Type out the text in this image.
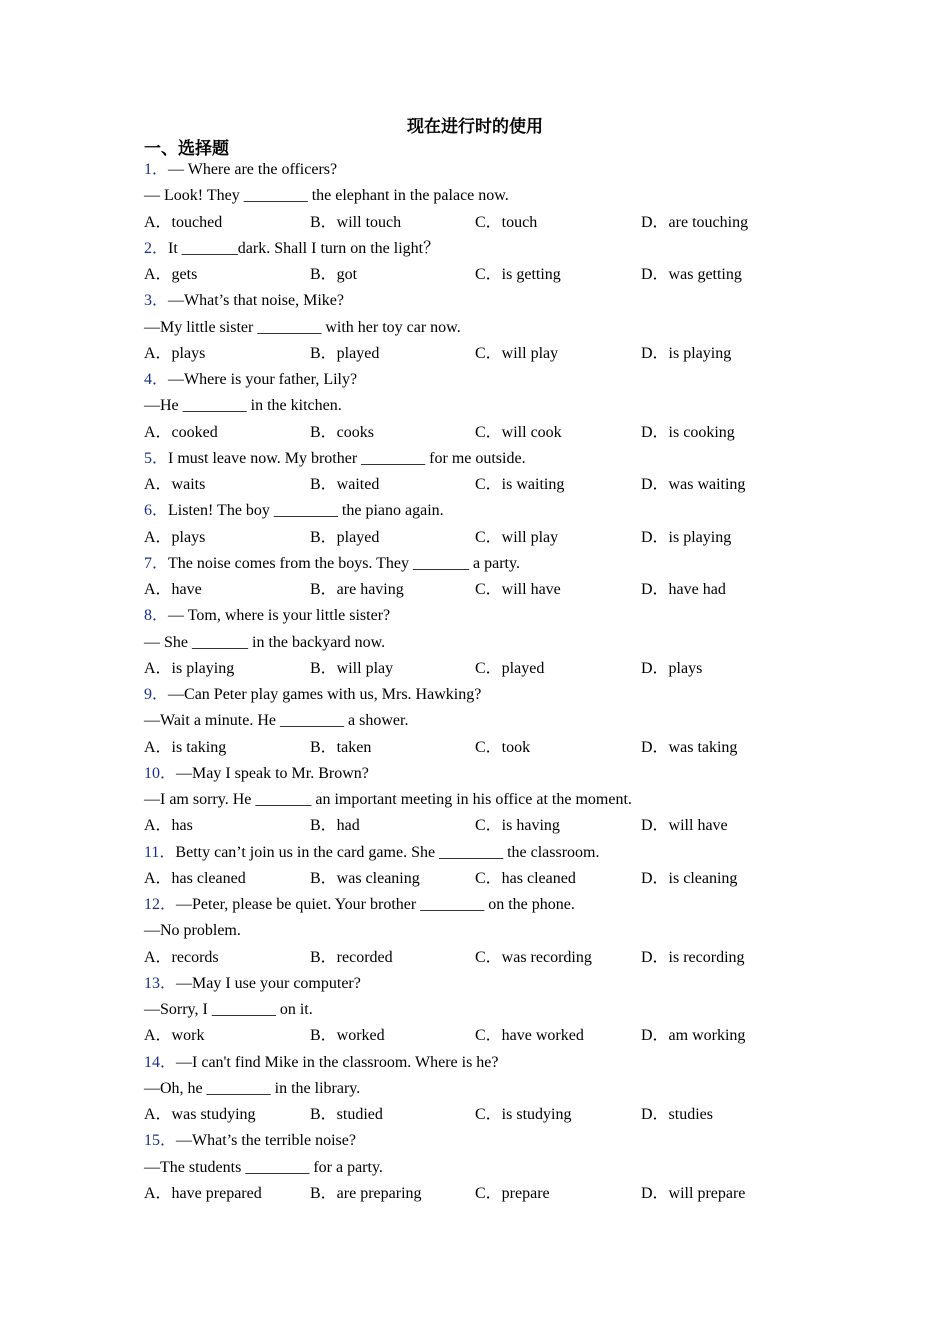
现在进行时的使用
一、选择题
1．— Where are the officers?
— Look! They ________ the elephant in the palace now.
A．touched	B．will touch	C．touch	D．are touching
2．It _______dark. Shall I turn on the light？
A．gets	B．got	C．is getting	D．was getting
3．—What’s that noise, Mike?
—My little sister ________ with her toy car now.
A．plays	B．played	C．will play	D．is playing
4．—Where is your father, Lily?
—He ________ in the kitchen.
A．cooked	B．cooks	C．will cook	D．is cooking
5．I must leave now. My brother ________ for me outside.
A．waits	B．waited	C．is waiting	D．was waiting
6．Listen! The boy ________ the piano again.
A．plays	B．played	C．will play	D．is playing
7．The noise comes from the boys. They _______ a party.
A．have	B．are having	C．will have	D．have had
8．— Tom, where is your little sister?
— She _______ in the backyard now.
A．is playing	B．will play	C．played	D．plays
9．—Can Peter play games with us, Mrs. Hawking?
—Wait a minute. He ________ a shower.
A．is taking	B．taken	C．took	D．was taking
10．—May I speak to Mr. Brown?
—I am sorry. He _______ an important meeting in his office at the moment.
A．has	B．had	C．is having	D．will have
11．Betty can’t join us in the card game. She ________ the classroom.
A．has cleaned	B．was cleaning	C．has cleaned	D．is cleaning
12．—Peter, please be quiet. Your brother ________ on the phone.
—No problem.
A．records	B．recorded	C．was recording	D．is recording
13．—May I use your computer?
—Sorry, I ________ on it.
A．work	B．worked	C．have worked	D．am working
14．—I can't find Mike in the classroom. Where is he?
—Oh, he ________ in the library.
A．was studying	B．studied	C．is studying	D．studies
15．—What’s the terrible noise?
—The students ________ for a party.
A．have prepared	B．are preparing	C．prepare	D．will prepare
